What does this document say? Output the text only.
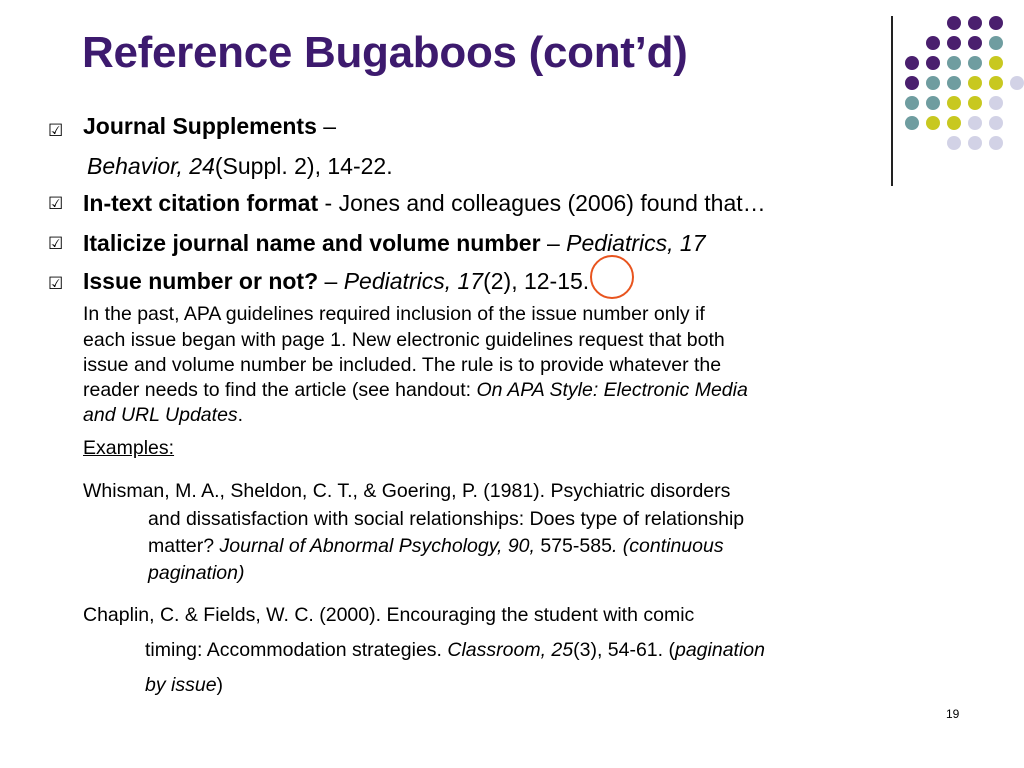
Reference Bugaboos (cont’d)
☑ Journal Supplements –
Behavior, 24(Suppl. 2), 14-22.
☑ In-text citation format - Jones and colleagues (2006) found that…
☑ Italicize journal name and volume number – Pediatrics, 17
☑ Issue number or not? – Pediatrics, 17(2), 12-15.
In the past, APA guidelines required inclusion of the issue number only if
each issue began with page 1. New electronic guidelines request that both
issue and volume number be included. The rule is to provide whatever the
reader needs to find the article (see handout: On APA Style: Electronic Media
and URL Updates.
Examples:
Whisman, M. A., Sheldon, C. T., & Goering, P. (1981). Psychiatric disorders
and dissatisfaction with social relationships: Does type of relationship
matter? Journal of Abnormal Psychology, 90, 575-585. (continuous
pagination)
Chaplin, C. & Fields, W. C. (2000). Encouraging the student with comic
timing: Accommodation strategies. Classroom, 25(3), 54-61. (pagination
by issue)
19
